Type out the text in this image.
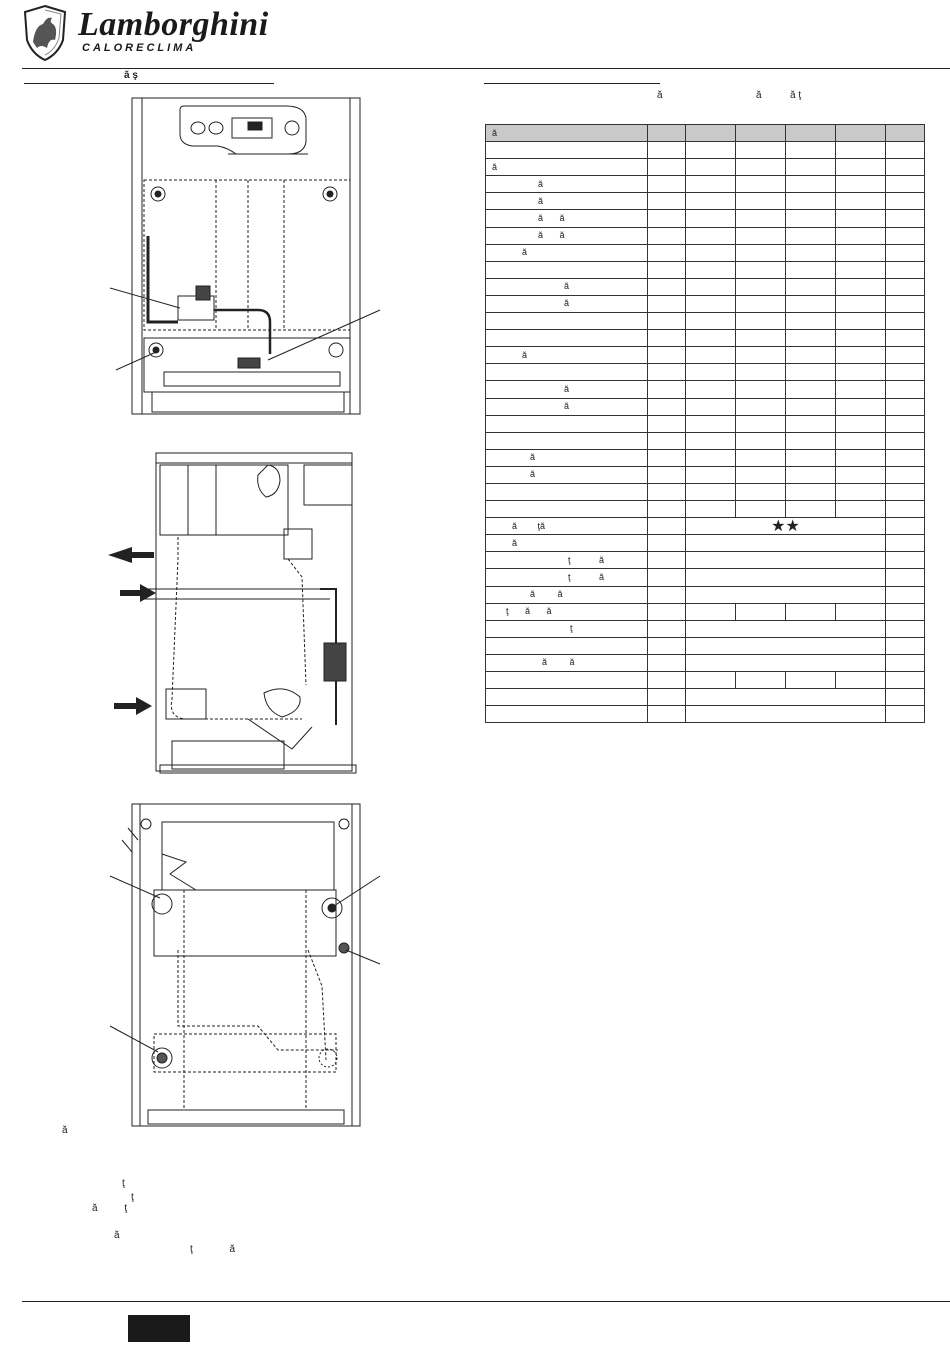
Lamborghini
CALORECLIMA
ă ş
ă	ă	ă ţ
ă						

ă						
ă						
ă						
ă ă						
ă ă						
ă						

ă						
ă						

ă						

ă						
ă						

ă						
ă						

ă ţă		★★				
ă						
ţ ă						
ţ ă						
ă ă						
ţ ă ă						
ţ						

ă ă						

ă
ţ
ţ
ă ţ
ă
ţ ă
